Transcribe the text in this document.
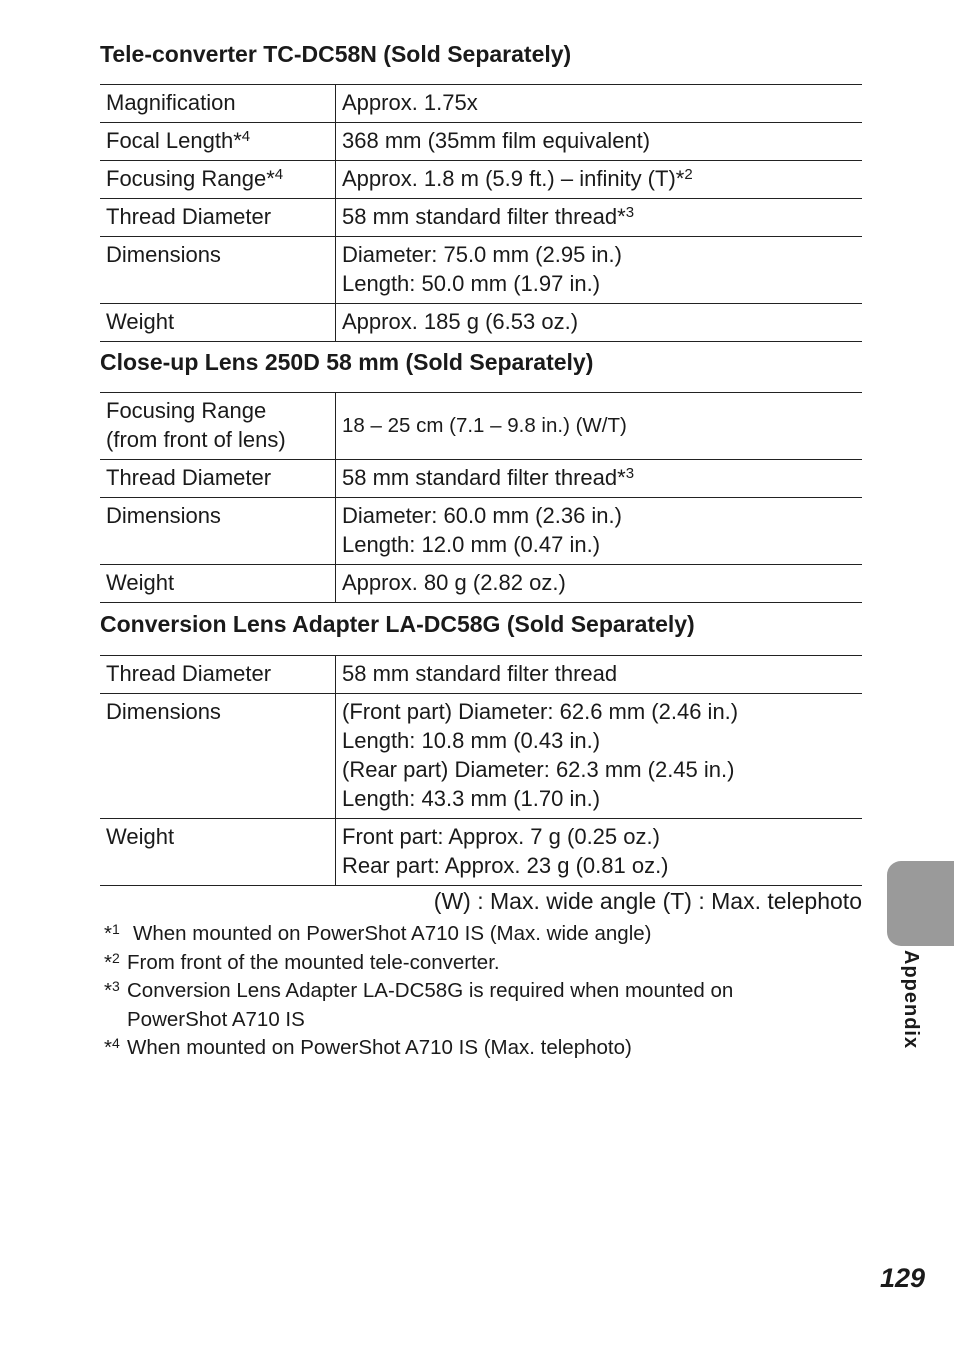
Tele-converter TC-DC58N (Sold Separately)
Magnification	Approx. 1.75x
Focal Length*$^4$	368 mm (35mm film equivalent)
Focusing Range*$^4$	Approx. 1.8 m (5.9 ft.) – infinity (T)*$^2$
Thread Diameter	58 mm standard filter thread*$^3$
Dimensions	Diameter: 75.0 mm (2.95 in.)
Length: 50.0 mm (1.97 in.)

Weight	Approx. 185 g (6.53 oz.)
Close-up Lens 250D 58 mm (Sold Separately)
Focusing Range
(from front of lens)	18 – 25 cm (7.1 – 9.8 in.) (W/T)
Thread Diameter	58 mm standard filter thread*$^3$
Dimensions	Diameter: 60.0 mm (2.36 in.)
Length: 12.0 mm (0.47 in.)

Weight	Approx. 80 g (2.82 oz.)
Conversion Lens Adapter LA-DC58G (Sold Separately)
Thread Diameter	58 mm standard filter thread
Dimensions	(Front part) Diameter: 62.6 mm (2.46 in.)
Length: 10.8 mm (0.43 in.)
(Rear part) Diameter: 62.3 mm (2.45 in.)
Length: 43.3 mm (1.70 in.)

Weight	Front part: Approx. 7 g (0.25 oz.)
Rear part: Approx. 23 g (0.81 oz.)
(W) : Max. wide angle (T) : Max. telephoto
*$^1$ When mounted on PowerShot A710 IS (Max. wide angle)
*$^2$ From front of the mounted tele-converter.
*$^3$ Conversion Lens Adapter LA-DC58G is required when mounted on
PowerShot A710 IS
*$^4$ When mounted on PowerShot A710 IS (Max. telephoto)	Appendix
129
